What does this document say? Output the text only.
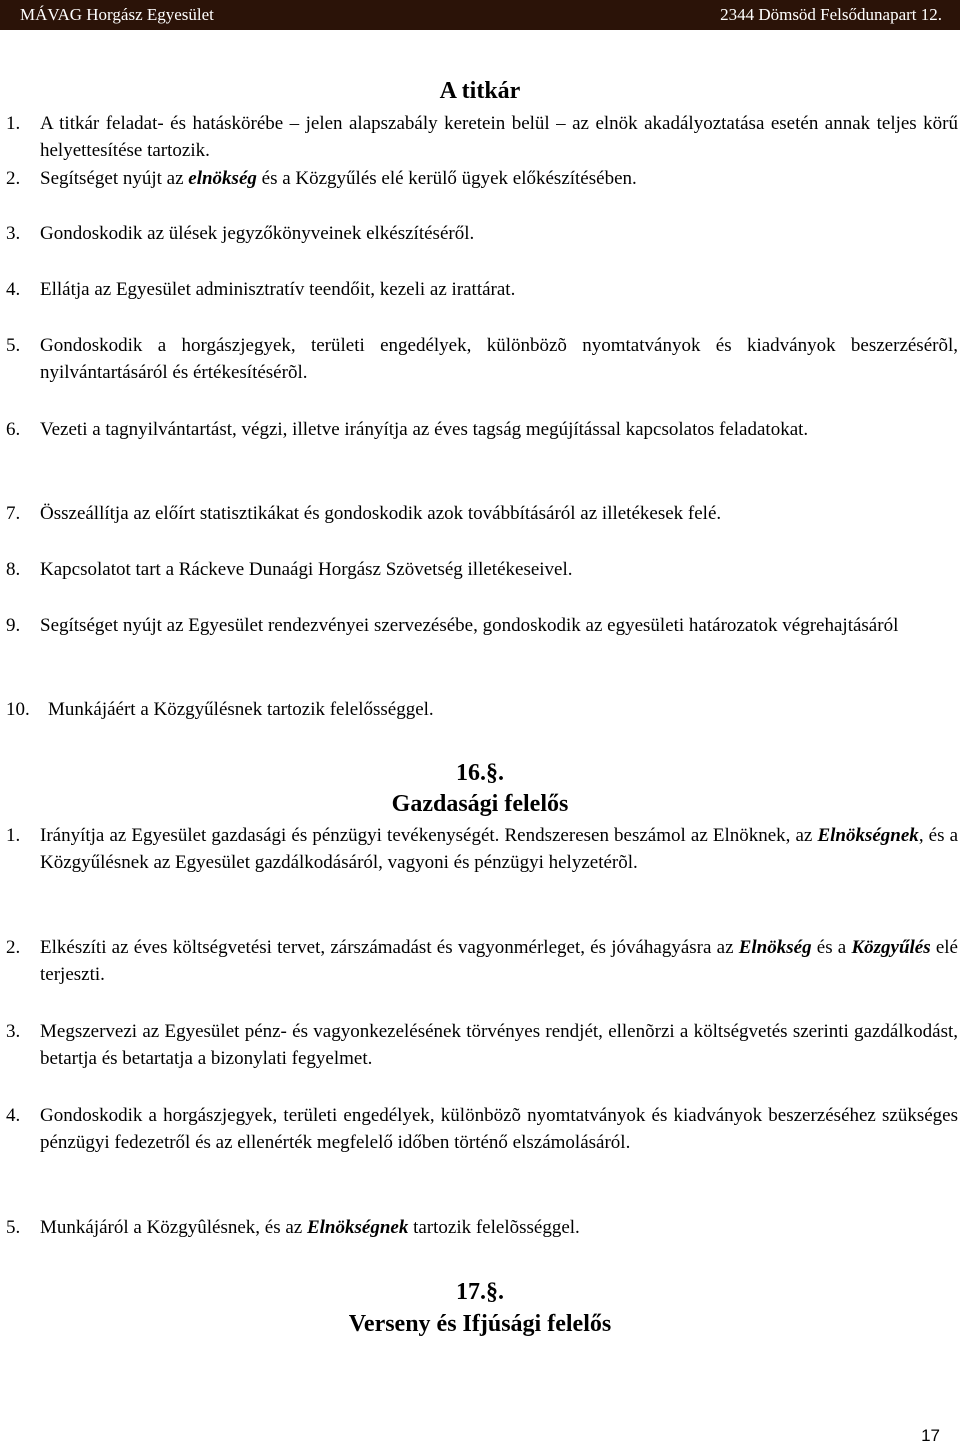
MÁVAG Horgász Egyesület	2344 Dömsöd Felsődunapart 12.
A titkár
1. A titkár feladat- és hatáskörébe – jelen alapszabály keretein belül – az elnök akadályoztatása esetén annak teljes körű helyettesítése tartozik.
2. Segítséget nyújt az elnökség és a Közgyűlés elé kerülő ügyek előkészítésében.
3. Gondoskodik az ülések jegyzőkönyveinek elkészítéséről.
4. Ellátja az Egyesület adminisztratív teendőit, kezeli az irattárat.
5. Gondoskodik a horgászjegyek, területi engedélyek, különbözõ nyomtatványok és kiadványok beszerzésérõl, nyilvántartásáról és értékesítésérõl.
6. Vezeti a tagnyilvántartást, végzi, illetve irányítja az éves tagság megújítással kapcsolatos feladatokat.
7. Összeállítja az előírt statisztikákat és gondoskodik azok továbbításáról az illetékesek felé.
8. Kapcsolatot tart a Ráckeve Dunaági Horgász Szövetség illetékeseivel.
9. Segítséget nyújt az Egyesület rendezvényei szervezésébe, gondoskodik az egyesületi határozatok végrehajtásáról
10. Munkájáért a Közgyűlésnek tartozik felelősséggel.
16.§.
Gazdasági felelős
1. Irányítja az Egyesület gazdasági és pénzügyi tevékenységét. Rendszeresen beszámol az Elnöknek, az Elnökségnek, és a Közgyűlésnek az Egyesület gazdálkodásáról, vagyoni és pénzügyi helyzetérõl.
2. Elkészíti az éves költségvetési tervet, zárszámadást és vagyonmérleget, és jóváhagyásra az Elnökség és a Közgyűlés elé terjeszti.
3. Megszervezi az Egyesület pénz- és vagyonkezelésének törvényes rendjét, ellenõrzi a költségvetés szerinti gazdálkodást, betartja és betartatja a bizonylati fegyelmet.
4. Gondoskodik a horgászjegyek, területi engedélyek, különbözõ nyomtatványok és kiadványok beszerzéséhez szükséges pénzügyi fedezetről és az ellenérték megfelelő időben történő elszámolásáról.
5. Munkájáról a Közgyûlésnek, és az Elnökségnek tartozik felelõsséggel.
17.§.
Verseny és Ifjúsági felelős
17
